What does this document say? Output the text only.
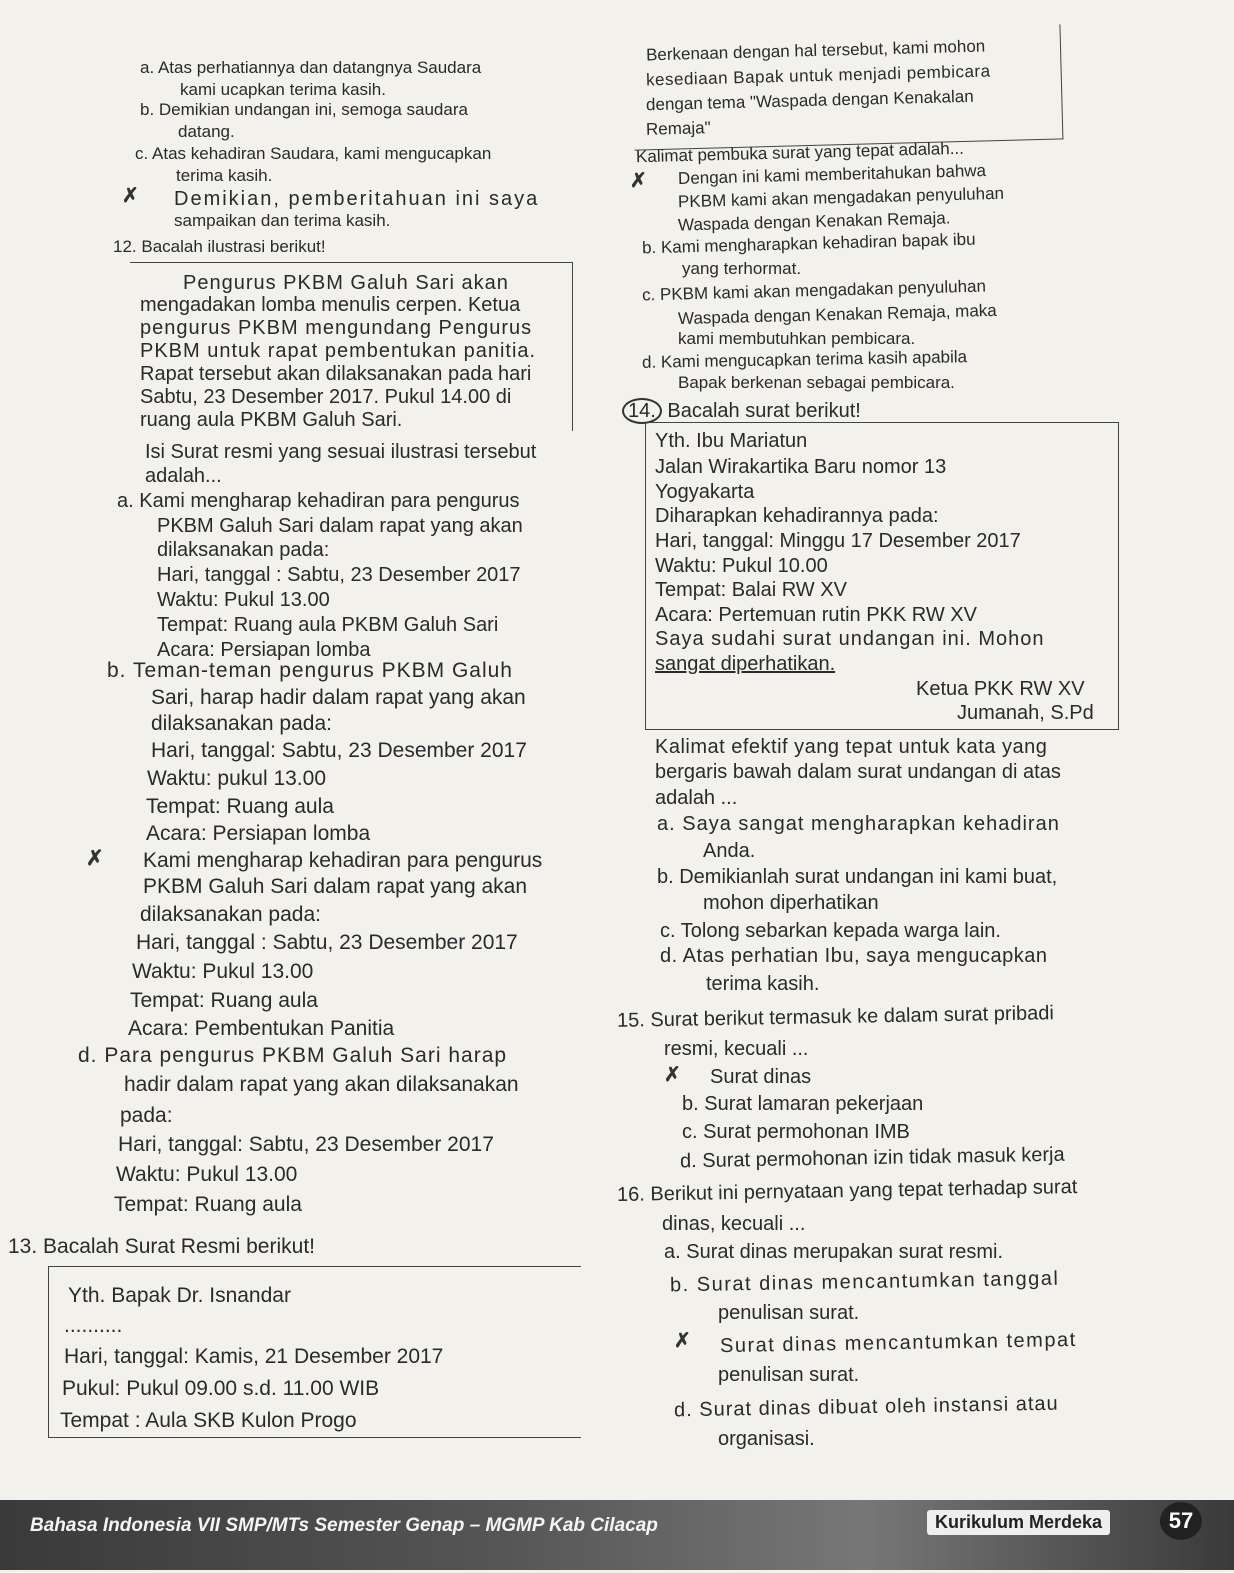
a. Atas perhatiannya dan datangnya Saudara
kami ucapkan terima kasih.
b. Demikian undangan ini, semoga saudara
datang.
c. Atas kehadiran Saudara, kami mengucapkan
terima kasih.
✗ Demikian, pemberitahuan ini saya
sampaikan dan terima kasih.
12. Bacalah ilustrasi berikut!
Pengurus PKBM Galuh Sari akan
mengadakan lomba menulis cerpen. Ketua
pengurus PKBM mengundang Pengurus
PKBM untuk rapat pembentukan panitia.
Rapat tersebut akan dilaksanakan pada hari
Sabtu, 23 Desember 2017. Pukul 14.00 di
ruang aula PKBM Galuh Sari.
Isi Surat resmi yang sesuai ilustrasi tersebut
adalah...
a. Kami mengharap kehadiran para pengurus
PKBM Galuh Sari dalam rapat yang akan
dilaksanakan pada:
Hari, tanggal : Sabtu, 23 Desember 2017
Waktu: Pukul 13.00
Tempat: Ruang aula PKBM Galuh Sari
Acara: Persiapan lomba
b. Teman-teman pengurus PKBM Galuh
Sari, harap hadir dalam rapat yang akan
dilaksanakan pada:
Hari, tanggal: Sabtu, 23 Desember 2017
Waktu: pukul 13.00
Tempat: Ruang aula
Acara: Persiapan lomba
✗ Kami mengharap kehadiran para pengurus
PKBM Galuh Sari dalam rapat yang akan
dilaksanakan pada:
Hari, tanggal : Sabtu, 23 Desember 2017
Waktu: Pukul 13.00
Tempat: Ruang aula
Acara: Pembentukan Panitia
d. Para pengurus PKBM Galuh Sari harap
hadir dalam rapat yang akan dilaksanakan
pada:
Hari, tanggal: Sabtu, 23 Desember 2017
Waktu: Pukul 13.00
Tempat: Ruang aula
13. Bacalah Surat Resmi berikut!
Yth. Bapak Dr. Isnandar
..........
Hari, tanggal: Kamis, 21 Desember 2017
Pukul: Pukul 09.00 s.d. 11.00 WIB
Tempat : Aula SKB Kulon Progo
Berkenaan dengan hal tersebut, kami mohon
kesediaan Bapak untuk menjadi pembicara
dengan tema "Waspada dengan Kenakalan
Remaja"
Kalimat pembuka surat yang tepat adalah...
✗ Dengan ini kami memberitahukan bahwa
PKBM kami akan mengadakan penyuluhan
Waspada dengan Kenakan Remaja.
b. Kami mengharapkan kehadiran bapak ibu
yang terhormat.
c. PKBM kami akan mengadakan penyuluhan
Waspada dengan Kenakan Remaja, maka
kami membutuhkan pembicara.
d. Kami mengucapkan terima kasih apabila
Bapak berkenan sebagai pembicara.
14. Bacalah surat berikut!
Yth. Ibu Mariatun
Jalan Wirakartika Baru nomor 13
Yogyakarta
Diharapkan kehadirannya pada:
Hari, tanggal: Minggu 17 Desember 2017
Waktu: Pukul 10.00
Tempat: Balai RW XV
Acara: Pertemuan rutin PKK RW XV
Saya sudahi surat undangan ini. Mohon
sangat diperhatikan.
Ketua PKK RW XV
Jumanah, S.Pd
Kalimat efektif yang tepat untuk kata yang
bergaris bawah dalam surat undangan di atas
adalah ...
a. Saya sangat mengharapkan kehadiran
Anda.
b. Demikianlah surat undangan ini kami buat,
mohon diperhatikan
c. Tolong sebarkan kepada warga lain.
d. Atas perhatian Ibu, saya mengucapkan
terima kasih.
15. Surat berikut termasuk ke dalam surat pribadi
resmi, kecuali ...
✗ Surat dinas
b. Surat lamaran pekerjaan
c. Surat permohonan IMB
d. Surat permohonan izin tidak masuk kerja
16. Berikut ini pernyataan yang tepat terhadap surat
dinas, kecuali ...
a. Surat dinas merupakan surat resmi.
b. Surat dinas mencantumkan tanggal
penulisan surat.
✗ Surat dinas mencantumkan tempat
penulisan surat.
d. Surat dinas dibuat oleh instansi atau
organisasi.
Bahasa Indonesia VII SMP/MTs Semester Genap – MGMP Kab Cilacap	Kurikulum Merdeka	57
